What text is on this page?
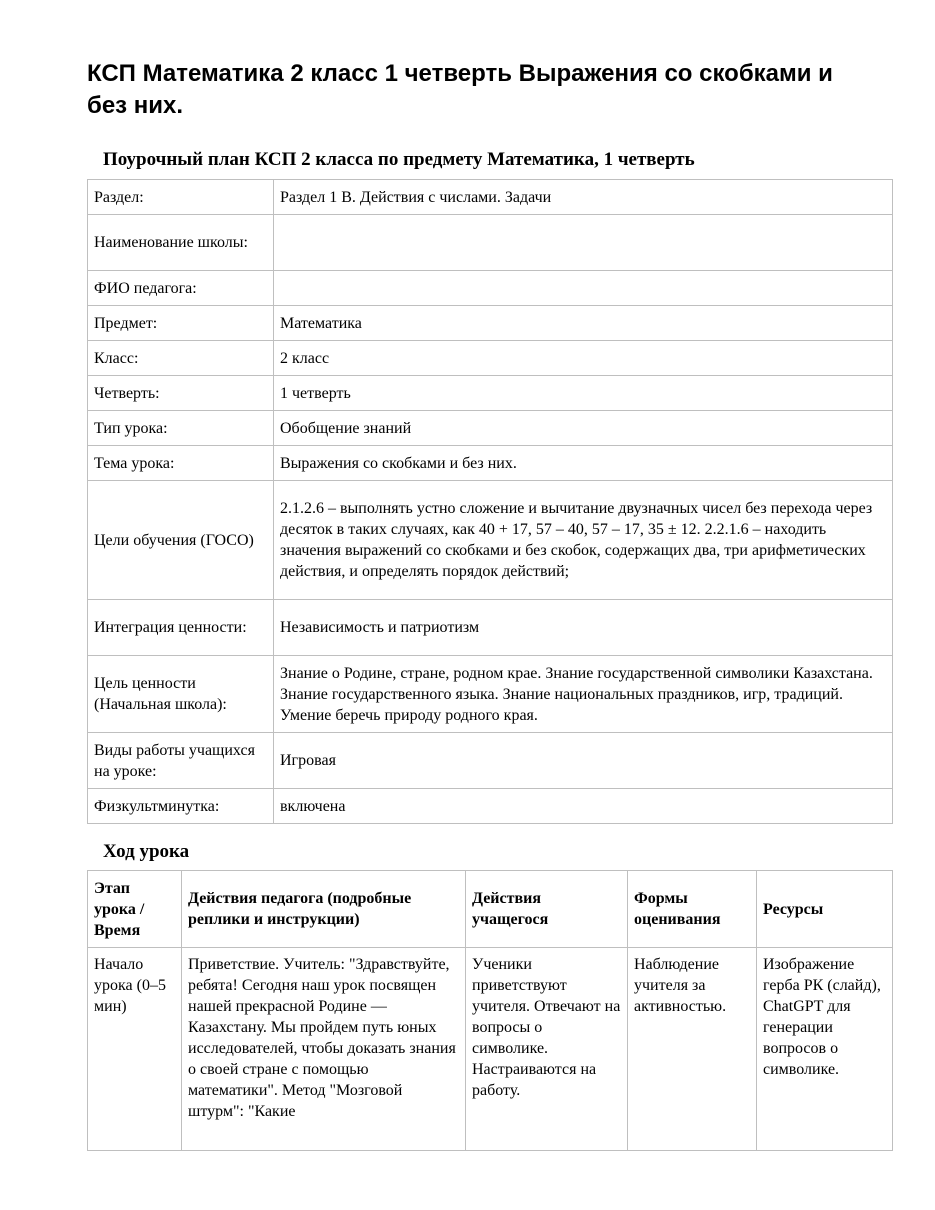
КСП Математика 2 класс 1 четверть Выражения со скобками и без них.
Поурочный план КСП 2 класса по предмету Математика, 1 четверть
Раздел:	Раздел 1 В. Действия с числами. Задачи
Наименование школы:	
ФИО педагога:	
Предмет:	Математика
Класс:	2 класс
Четверть:	1 четверть
Тип урока:	Обобщение знаний
Тема урока:	Выражения со скобками и без них.
Цели обучения (ГОСО)	2.1.2.6 – выполнять устно сложение и вычитание двузначных чисел без перехода через десяток в таких случаях, как 40 + 17, 57 – 40, 57 – 17, 35 ± 12. 2.2.1.6 – находить значения выражений со скобками и без скобок, содержащих два, три арифметических действия, и определять порядок действий;
Интеграция ценности:	Независимость и патриотизм
Цель ценности (Начальная школа):	Знание о Родине, стране, родном крае. Знание государственной символики Казахстана. Знание государственного языка. Знание национальных праздников, игр, традиций. Умение беречь природу родного края.
Виды работы учащихся на уроке:	Игровая
Физкультминутка:	включена
Ход урока
Этап урока / Время	Действия педагога (подробные реплики и инструкции)	Действия учащегося	Формы оценивания	Ресурсы
Начало урока (0–5 мин)	Приветствие. Учитель: "Здравствуйте, ребята! Сегодня наш урок посвящен нашей прекрасной Родине — Казахстану. Мы пройдем путь юных исследователей, чтобы доказать знания о своей стране с помощью математики". Метод "Мозговой штурм": "Какие	Ученики приветствуют учителя. Отвечают на вопросы о символике. Настраиваются на работу.	Наблюдение учителя за активностью.	Изображение герба РК (слайд), ChatGPT для генерации вопросов о символике.
